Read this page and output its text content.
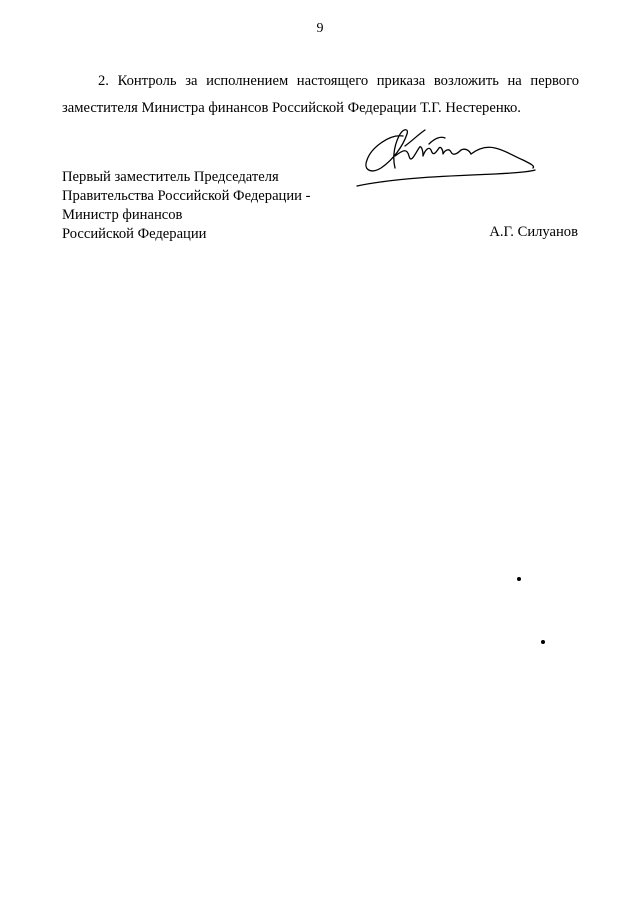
9

2. Контроль за исполнением настоящего приказа возложить на первого заместителя Министра финансов Российской Федерации Т.Г. Нестеренко.

Первый заместитель Председателя
Правительства Российской Федерации -
Министр финансов
Российской Федерации	А.Г. Силуанов
